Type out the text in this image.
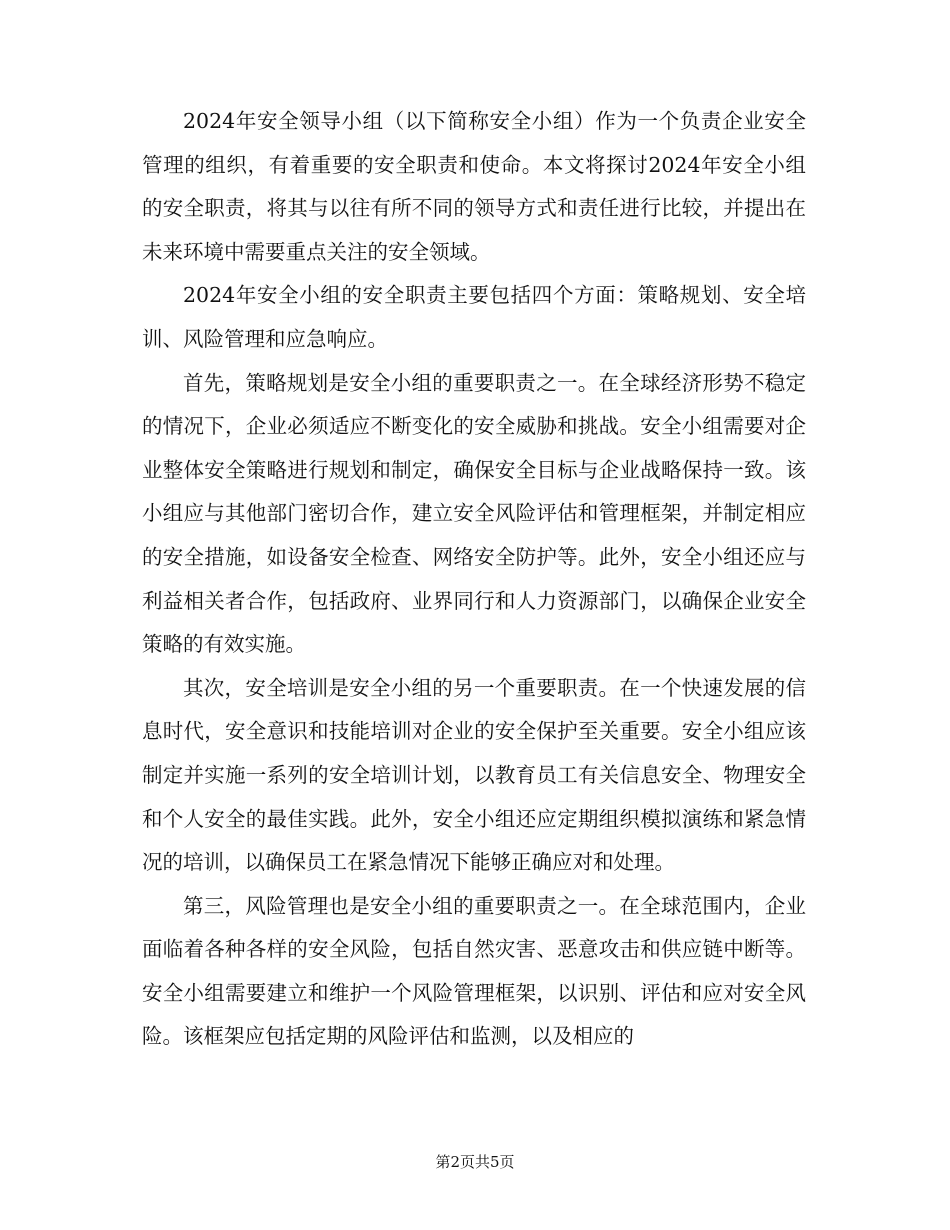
2024年安全领导小组（以下简称安全小组）作为一个负责企业安全管理的组织，有着重要的安全职责和使命。本文将探讨2024年安全小组的安全职责，将其与以往有所不同的领导方式和责任进行比较，并提出在未来环境中需要重点关注的安全领域。

2024年安全小组的安全职责主要包括四个方面：策略规划、安全培训、风险管理和应急响应。

首先，策略规划是安全小组的重要职责之一。在全球经济形势不稳定的情况下，企业必须适应不断变化的安全威胁和挑战。安全小组需要对企业整体安全策略进行规划和制定，确保安全目标与企业战略保持一致。该小组应与其他部门密切合作，建立安全风险评估和管理框架，并制定相应的安全措施，如设备安全检查、网络安全防护等。此外，安全小组还应与利益相关者合作，包括政府、业界同行和人力资源部门，以确保企业安全策略的有效实施。

其次，安全培训是安全小组的另一个重要职责。在一个快速发展的信息时代，安全意识和技能培训对企业的安全保护至关重要。安全小组应该制定并实施一系列的安全培训计划，以教育员工有关信息安全、物理安全和个人安全的最佳实践。此外，安全小组还应定期组织模拟演练和紧急情况的培训，以确保员工在紧急情况下能够正确应对和处理。

第三，风险管理也是安全小组的重要职责之一。在全球范围内，企业面临着各种各样的安全风险，包括自然灾害、恶意攻击和供应链中断等。安全小组需要建立和维护一个风险管理框架，以识别、评估和应对安全风险。该框架应包括定期的风险评估和监测，以及相应的

第2页共5页
